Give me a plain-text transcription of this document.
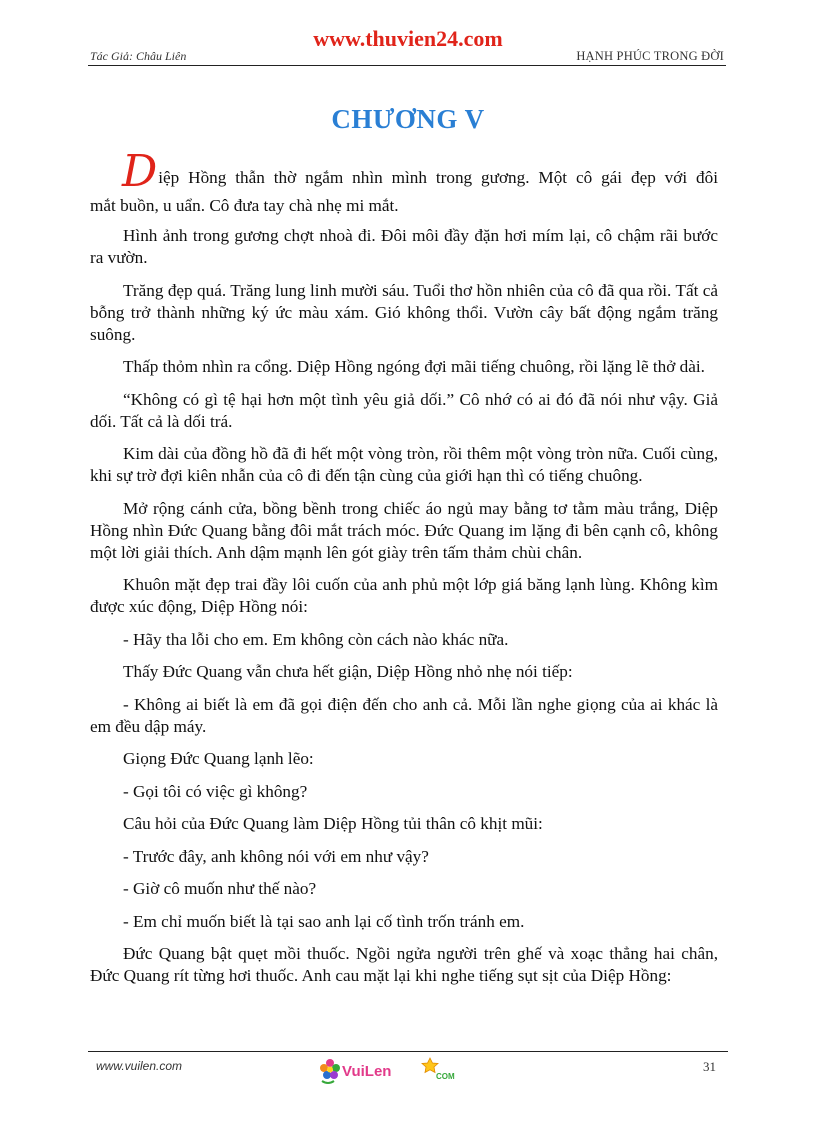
www.thuvien24.com
Tác Giả: Châu Liên	HẠNH PHÚC TRONG ĐỜI
CHƯƠNG V

Diệp Hồng thẫn thờ ngắm nhìn mình trong gương. Một cô gái đẹp với đôi
mắt buồn, u uẩn. Cô đưa tay chà nhẹ mi mắt.

Hình ảnh trong gương chợt nhoà đi. Đôi môi đầy đặn hơi mím lại, cô chậm rãi bước ra vườn.

Trăng đẹp quá. Trăng lung linh mười sáu. Tuổi thơ hồn nhiên của cô đã qua rồi. Tất cả bỗng trở thành những ký ức màu xám. Gió không thổi. Vườn cây bất động ngắm trăng suông.

Thấp thỏm nhìn ra cổng. Diệp Hồng ngóng đợi mãi tiếng chuông, rồi lặng lẽ thở dài.

“Không có gì tệ hại hơn một tình yêu giả dối.” Cô nhớ có ai đó đã nói như vậy. Giả dối. Tất cả là dối trá.

Kim dài của đồng hồ đã đi hết một vòng tròn, rồi thêm một vòng tròn nữa. Cuối cùng, khi sự trờ đợi kiên nhẫn của cô đi đến tận cùng của giới hạn thì có tiếng chuông.

Mở rộng cánh cửa, bồng bềnh trong chiếc áo ngủ may bằng tơ tằm màu trắng, Diệp Hồng nhìn Đức Quang bằng đôi mắt trách móc. Đức Quang im lặng đi bên cạnh cô, không một lời giải thích. Anh dậm mạnh lên gót giày trên tấm thảm chùi chân.

Khuôn mặt đẹp trai đầy lôi cuốn của anh phủ một lớp giá băng lạnh lùng. Không kìm được xúc động, Diệp Hồng nói:

- Hãy tha lỗi cho em. Em không còn cách nào khác nữa.

Thấy Đức Quang vẫn chưa hết giận, Diệp Hồng nhỏ nhẹ nói tiếp:

- Không ai biết là em đã gọi điện đến cho anh cả. Mỗi lần nghe giọng của ai khác là em đều dập máy.

Giọng Đức Quang lạnh lẽo:

- Gọi tôi có việc gì không?

Câu hỏi của Đức Quang làm Diệp Hồng tủi thân cô khịt mũi:

- Trước đây, anh không nói với em như vậy?

- Giờ cô muốn như thế nào?

- Em chỉ muốn biết là tại sao anh lại cố tình trốn tránh em.

Đức Quang bật quẹt mồi thuốc. Ngồi ngửa người trên ghế và xoạc thẳng hai chân, Đức Quang rít từng hơi thuốc. Anh cau mặt lại khi nghe tiếng sụt sịt của Diệp Hồng:

www.vuilen.com	VuiLen	COM
31
